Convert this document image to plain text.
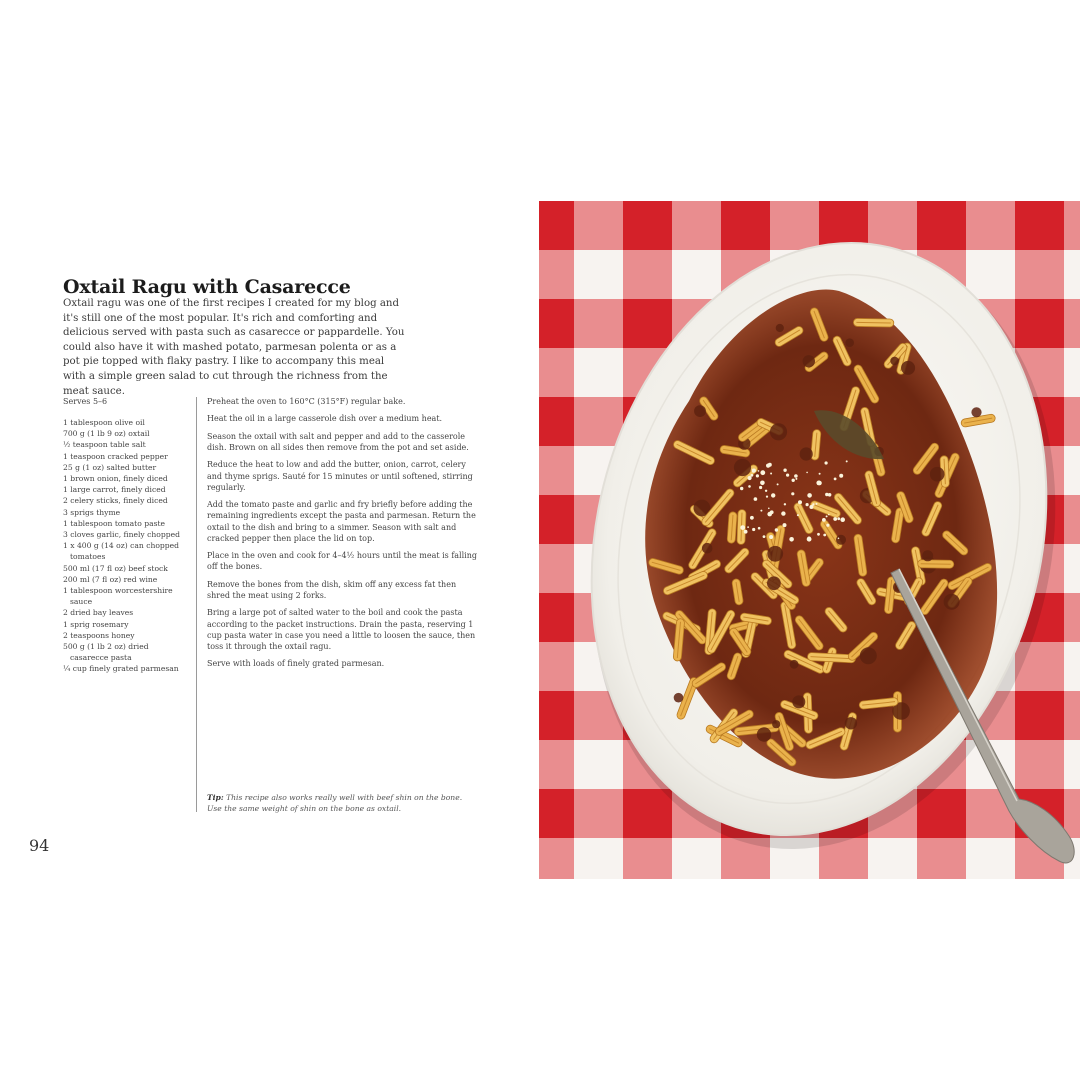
Oxtail Ragu with Casarecce

Oxtail ragu was one of the first recipes I created for my blog and it's still one of the most popular. It's rich and comforting and delicious served with pasta such as casarecce or pappardelle. You could also have it with mashed potato, parmesan polenta or as a pot pie topped with flaky pastry. I like to accompany this meal with a simple green salad to cut through the richness from the meat sauce.

Serves 5–6
1 tablespoon olive oil
700 g (1 lb 9 oz) oxtail
½ teaspoon table salt
1 teaspoon cracked pepper
25 g (1 oz) salted butter
1 brown onion, finely diced
1 large carrot, finely diced
2 celery sticks, finely diced
3 sprigs thyme
1 tablespoon tomato paste
3 cloves garlic, finely chopped
1 x 400 g (14 oz) can chopped tomatoes
500 ml (17 fl oz) beef stock
200 ml (7 fl oz) red wine
1 tablespoon worcestershire sauce
2 dried bay leaves
1 sprig rosemary
2 teaspoons honey
500 g (1 lb 2 oz) dried casarecce pasta
¼ cup finely grated parmesan
Preheat the oven to 160°C (315°F) regular bake.
Heat the oil in a large casserole dish over a medium heat.
Season the oxtail with salt and pepper and add to the casserole dish. Brown on all sides then remove from the pot and set aside.
Reduce the heat to low and add the butter, onion, carrot, celery and thyme sprigs. Sauté for 15 minutes or until softened, stirring regularly.
Add the tomato paste and garlic and fry briefly before adding the remaining ingredients except the pasta and parmesan. Return the oxtail to the dish and bring to a simmer. Season with salt and cracked pepper then place the lid on top.
Place in the oven and cook for 4–4½ hours until the meat is falling off the bones.
Remove the bones from the dish, skim off any excess fat then shred the meat using 2 forks.
Bring a large pot of salted water to the boil and cook the pasta according to the packet instructions. Drain the pasta, reserving 1 cup pasta water in case you need a little to loosen the sauce, then toss it through the oxtail ragu.
Serve with loads of finely grated parmesan.

Tip: This recipe also works really well with beef shin on the bone. Use the same weight of shin on the bone as oxtail.

94
